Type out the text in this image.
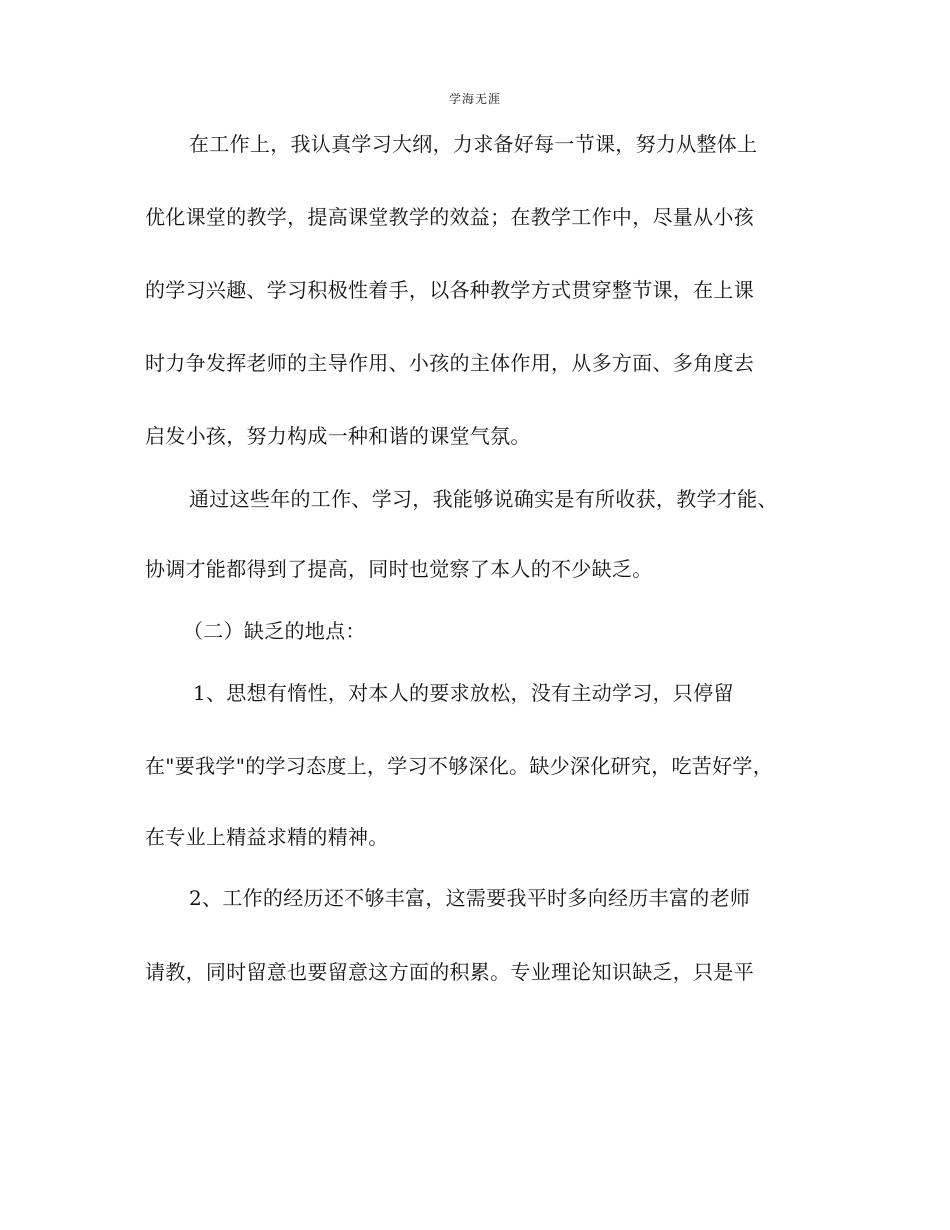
学海无涯
在工作上，我认真学习大纲，力求备好每一节课，努力从整体上
优化课堂的教学，提高课堂教学的效益；在教学工作中，尽量从小孩
的学习兴趣、学习积极性着手，以各种教学方式贯穿整节课，在上课
时力争发挥老师的主导作用、小孩的主体作用，从多方面、多角度去
启发小孩，努力构成一种和谐的课堂气氛。
通过这些年的工作、学习，我能够说确实是有所收获，教学才能、
协调才能都得到了提高，同时也觉察了本人的不少缺乏。
（二）缺乏的地点：
1、思想有惰性，对本人的要求放松，没有主动学习，只停留
在"要我学"的学习态度上，学习不够深化。缺少深化研究，吃苦好学，
在专业上精益求精的精神。
2、工作的经历还不够丰富，这需要我平时多向经历丰富的老师
请教，同时留意也要留意这方面的积累。专业理论知识缺乏，只是平
